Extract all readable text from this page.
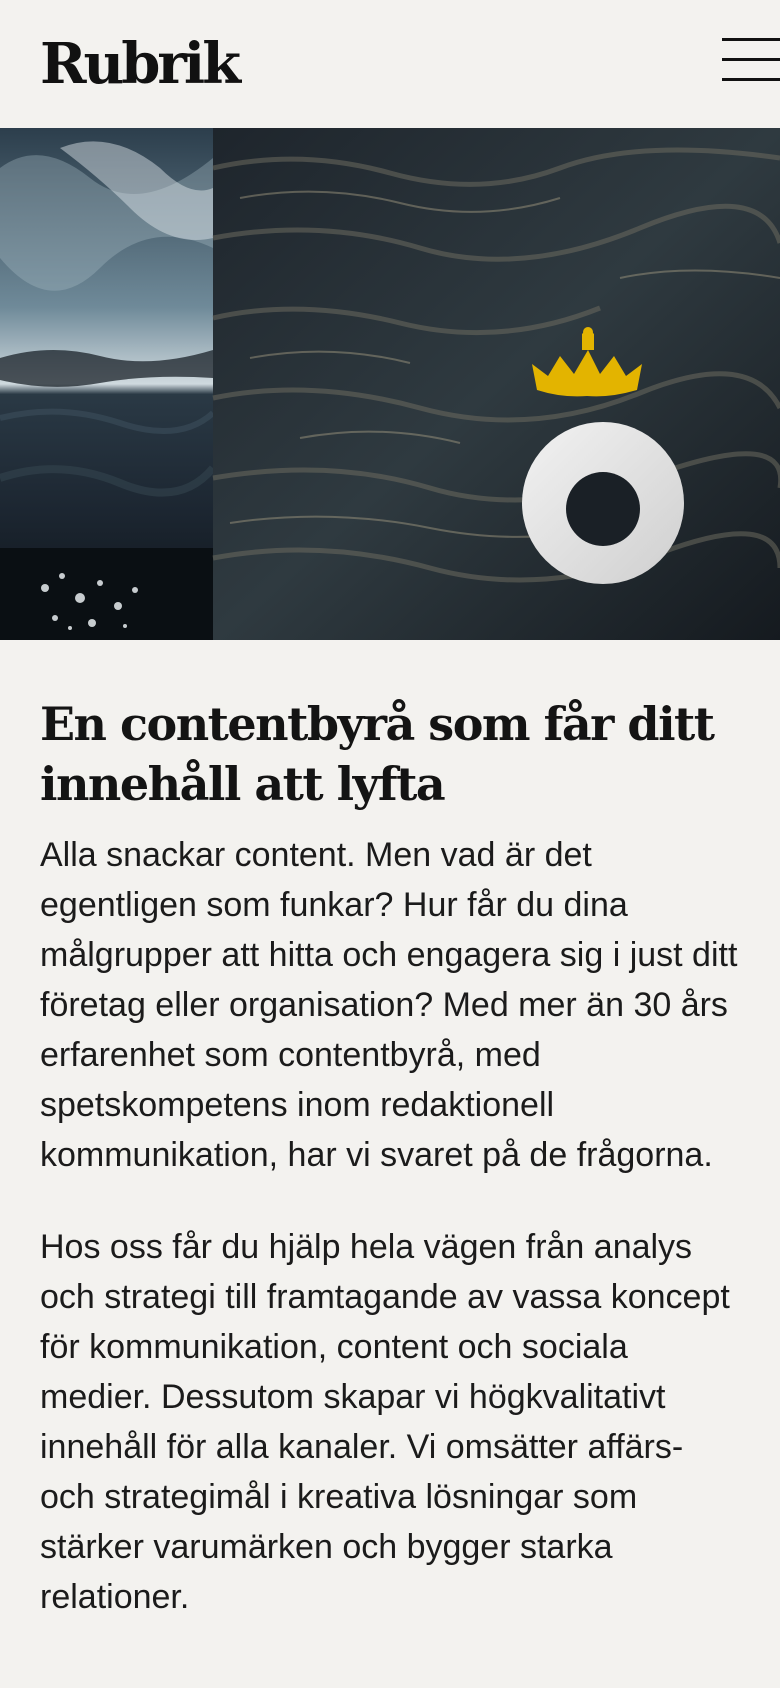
Rubrik
En contentbyrå som får ditt innehåll att lyfta

Alla snackar content. Men vad är det egentligen som funkar? Hur får du dina målgrupper att hitta och engagera sig i just ditt företag eller organisation? Med mer än 30 års erfarenhet som contentbyrå, med spetskompetens inom redaktionell kommunikation, har vi svaret på de frågorna.

Hos oss får du hjälp hela vägen från analys och strategi till framtagande av vassa koncept för kommunikation, content och sociala medier. Dessutom skapar vi högkvalitativt innehåll för alla kanaler. Vi omsätter affärs- och strategimål i kreativa lösningar som stärker varumärken och bygger starka relationer.
